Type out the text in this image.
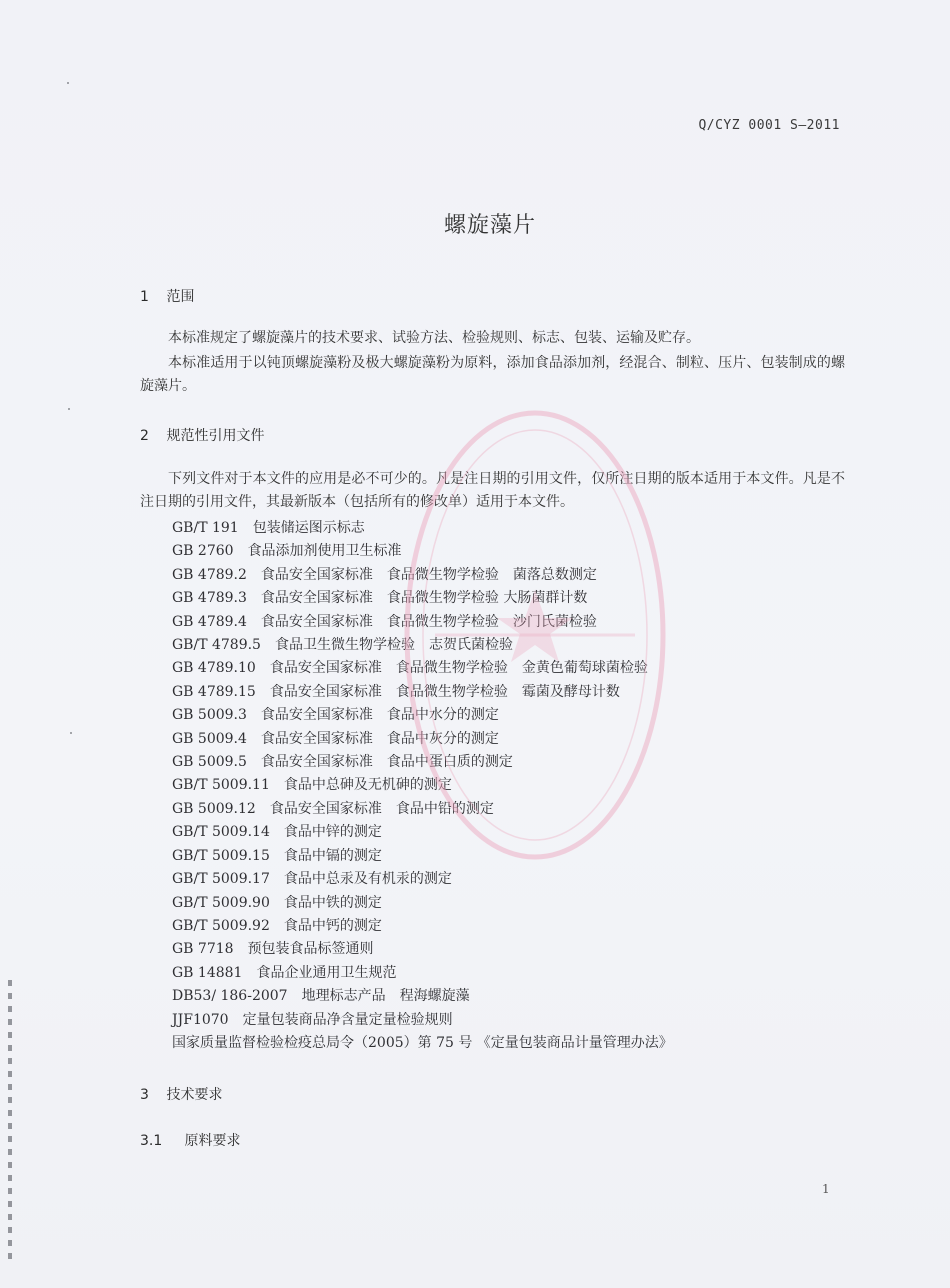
Q/CYZ 0001 S—2011
螺旋藻片
1 范围
本标准规定了螺旋藻片的技术要求、试验方法、检验规则、标志、包装、运输及贮存。
本标准适用于以钝顶螺旋藻粉及极大螺旋藻粉为原料，添加食品添加剂，经混合、制粒、压片、包装制成的螺旋藻片。
2 规范性引用文件
下列文件对于本文件的应用是必不可少的。凡是注日期的引用文件，仅所注日期的版本适用于本文件。凡是不注日期的引用文件，其最新版本（包括所有的修改单）适用于本文件。
GB/T 191 包装储运图示标志
GB 2760 食品添加剂使用卫生标准
GB 4789.2 食品安全国家标准　食品微生物学检验　菌落总数测定
GB 4789.3 食品安全国家标准　食品微生物学检验 大肠菌群计数
GB 4789.4 食品安全国家标准　食品微生物学检验　沙门氏菌检验
GB/T 4789.5 食品卫生微生物学检验　志贺氏菌检验
GB 4789.10 食品安全国家标准　食品微生物学检验　金黄色葡萄球菌检验
GB 4789.15 食品安全国家标准　食品微生物学检验　霉菌及酵母计数
GB 5009.3 食品安全国家标准　食品中水分的测定
GB 5009.4 食品安全国家标准　食品中灰分的测定
GB 5009.5 食品安全国家标准　食品中蛋白质的测定
GB/T 5009.11 食品中总砷及无机砷的测定
GB 5009.12 食品安全国家标准　食品中铅的测定
GB/T 5009.14 食品中锌的测定
GB/T 5009.15 食品中镉的测定
GB/T 5009.17 食品中总汞及有机汞的测定
GB/T 5009.90 食品中铁的测定
GB/T 5009.92 食品中钙的测定
GB 7718 预包装食品标签通则
GB 14881 食品企业通用卫生规范
DB53/ 186-2007 地理标志产品　程海螺旋藻
JJF1070 定量包装商品净含量定量检验规则
国家质量监督检验检疫总局令（2005）第 75 号 《定量包装商品计量管理办法》
3 技术要求
3.1 原料要求
1
